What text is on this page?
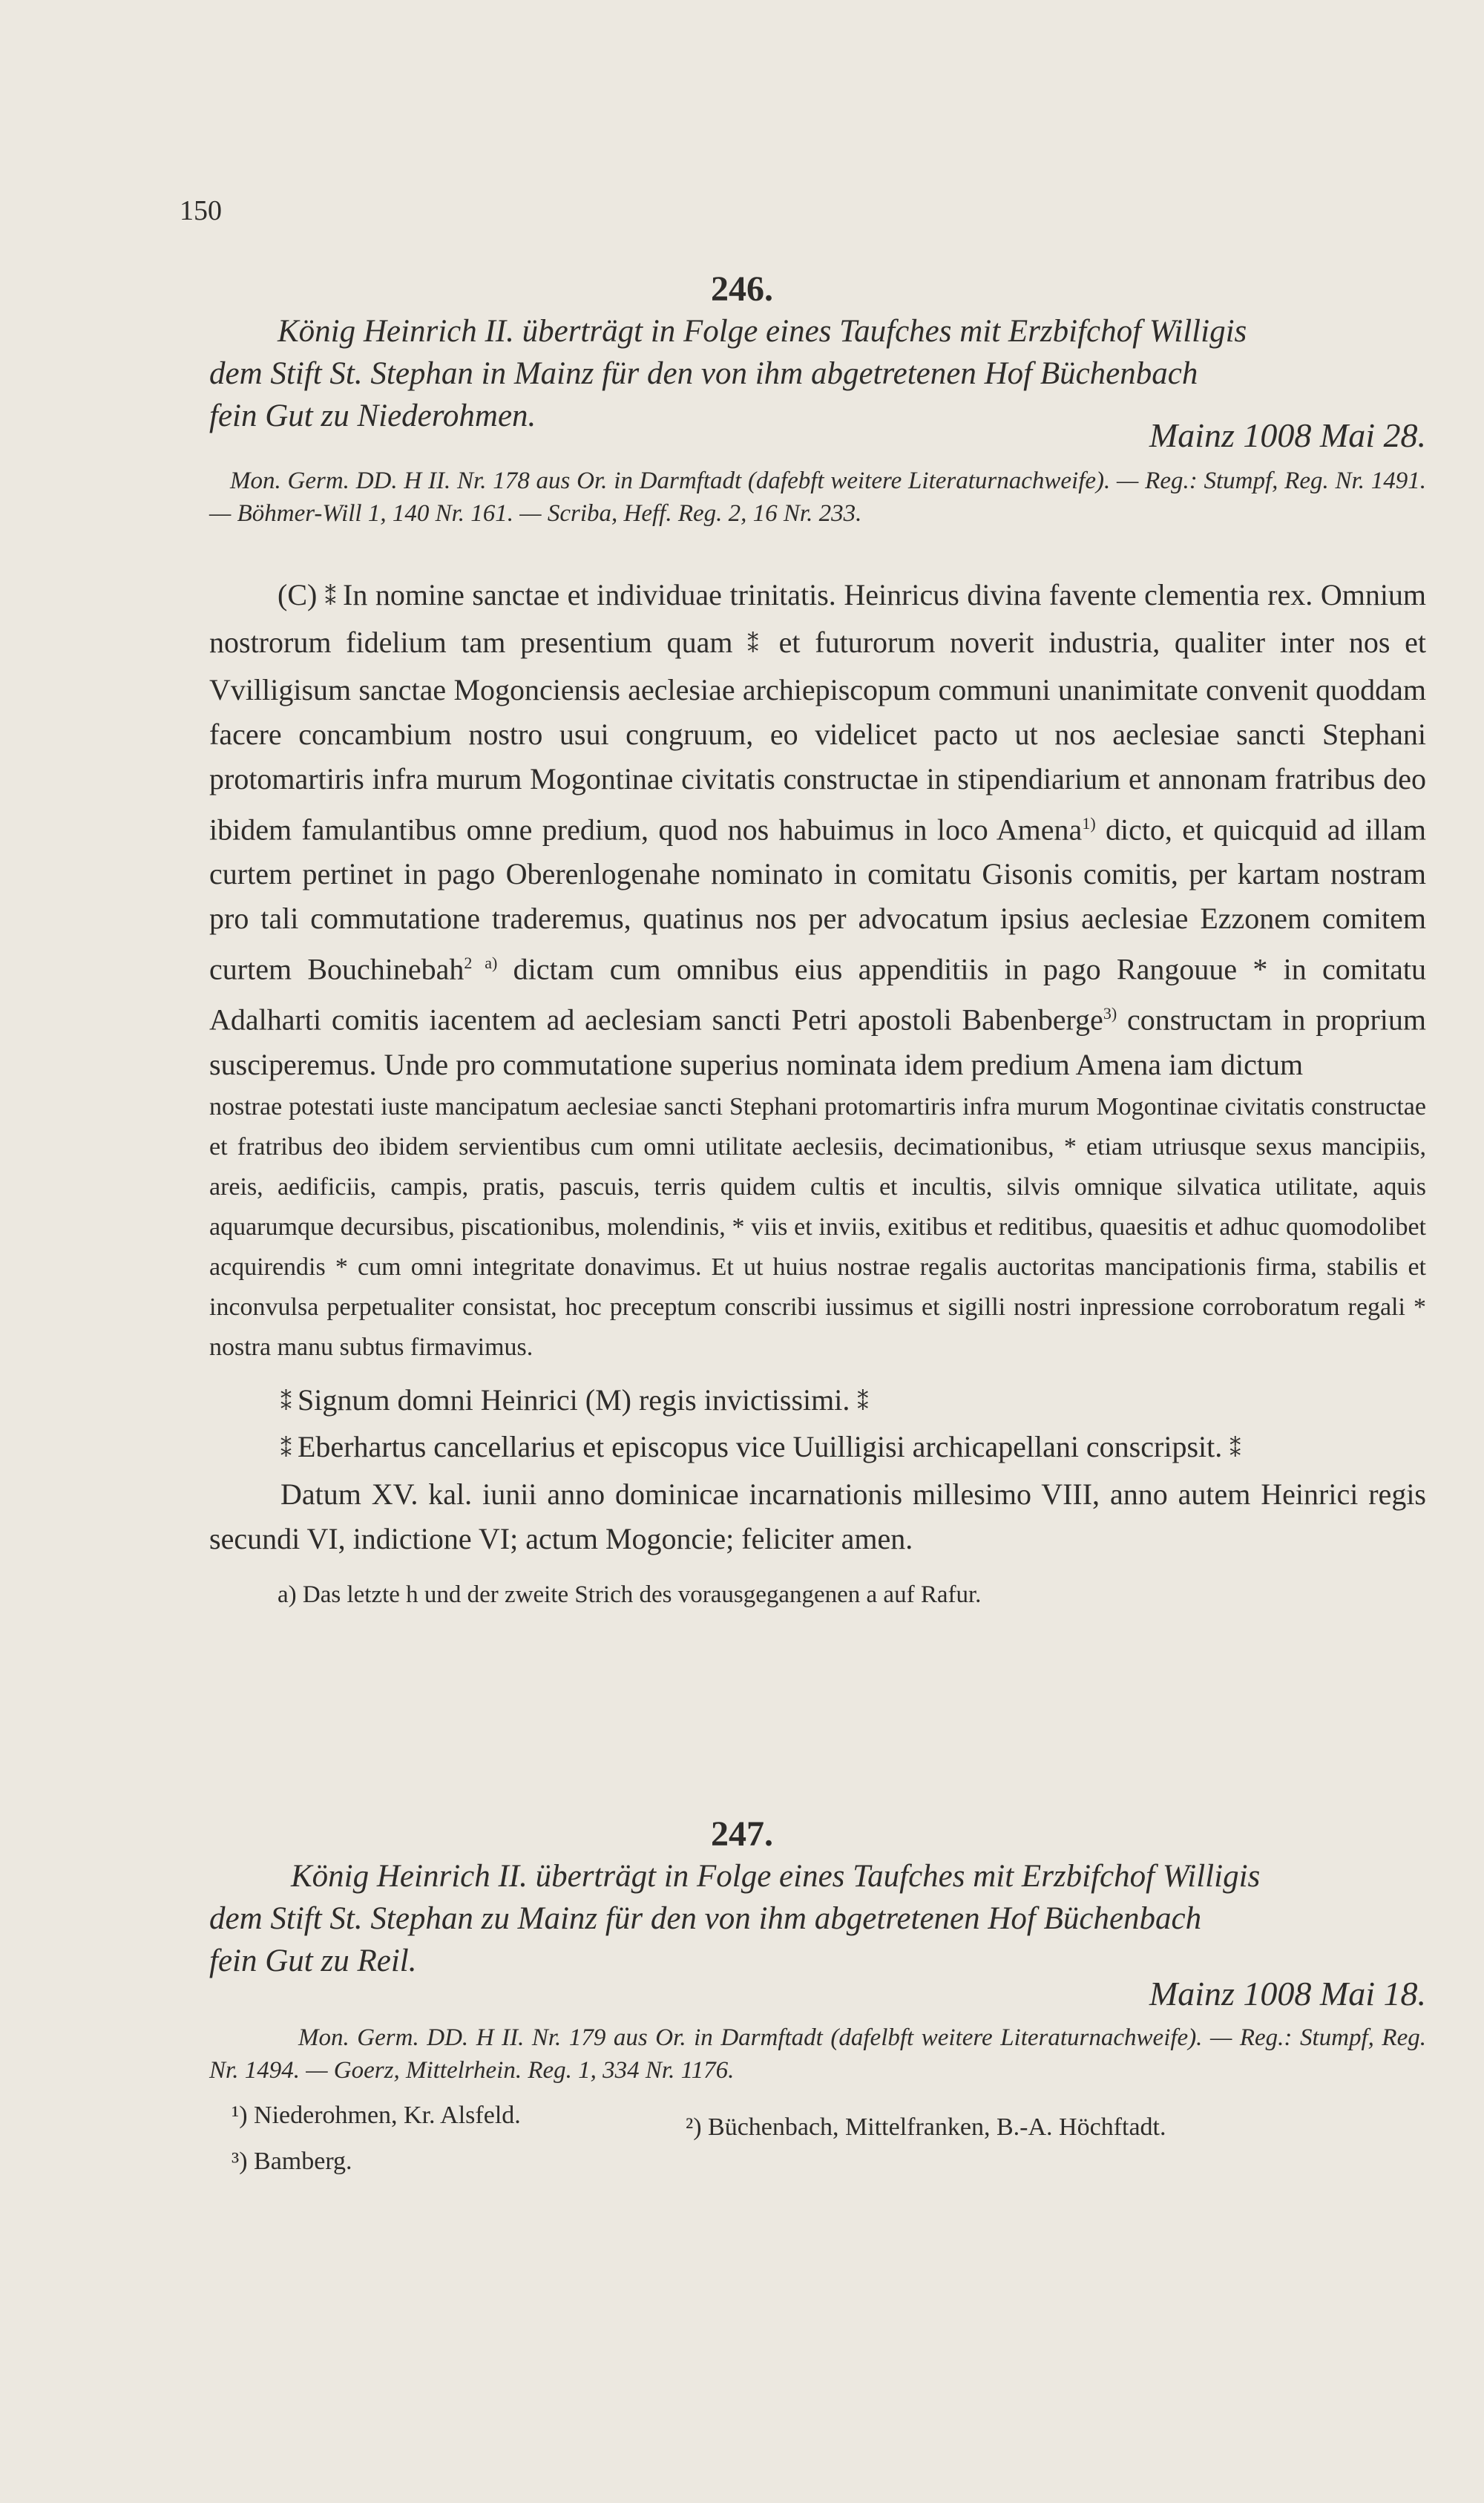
150
246.
König Heinrich II. überträgt in Folge eines Taufches mit Erzbifchof Willigis
dem Stift St. Stephan in Mainz für den von ihm abgetretenen Hof Büchenbach
fein Gut zu Niederohmen.
Mainz 1008 Mai 28.
Mon. Germ. DD. H II. Nr. 178 aus Or. in Darmftadt (dafebft weitere Literaturnachweife). — Reg.: Stumpf, Reg. Nr. 1491. — Böhmer-Will 1, 140 Nr. 161. — Scriba, Heff. Reg. 2, 16 Nr. 233.
(C) ⁑ In nomine sanctae et individuae trinitatis. Heinricus divina favente clementia rex. Omnium nostrorum fidelium tam presentium quam ⁑ et futurorum noverit industria, qualiter inter nos et Vvilligisum sanctae Mogonciensis aeclesiae archiepiscopum communi unanimitate convenit quoddam facere concambium nostro usui congruum, eo videlicet pacto ut nos aeclesiae sancti Stephani protomartiris infra murum Mogontinae civitatis constructae in stipendiarium et annonam fratribus deo ibidem famulantibus omne predium, quod nos habuimus in loco Amena$^{1)}$ dicto, et quicquid ad illam curtem pertinet in pago Oberenlogenahe nominato in comitatu Gisonis comitis, per kartam nostram pro tali commutatione traderemus, quatinus nos per advocatum ipsius aeclesiae Ezzonem comitem curtem Bouchinebah$^{2 a)}$ dictam cum omnibus eius appenditiis in pago Rangouue * in comitatu Adalharti comitis iacentem ad aeclesiam sancti Petri apostoli Babenberge$^{3)}$ constructam in proprium susciperemus. Unde pro commutatione superius nominata idem predium Amena iam dictum
nostrae potestati iuste mancipatum aeclesiae sancti Stephani protomartiris infra murum Mogontinae civitatis constructae et fratribus deo ibidem servientibus cum omni utilitate aeclesiis, decimationibus, * etiam utriusque sexus mancipiis, areis, aedificiis, campis, pratis, pascuis, terris quidem cultis et incultis, silvis omnique silvatica utilitate, aquis aquarumque decursibus, piscationibus, molendinis, * viis et inviis, exitibus et reditibus, quaesitis et adhuc quomodolibet acquirendis * cum omni integritate donavimus. Et ut huius nostrae regalis auctoritas mancipationis firma, stabilis et inconvulsa perpetualiter consistat, hoc preceptum conscribi iussimus et sigilli nostri inpressione corroboratum regali * nostra manu subtus firmavimus.
⁑ Signum domni Heinrici (M) regis invictissimi. ⁑
⁑ Eberhartus cancellarius et episcopus vice Uuilligisi archicapellani conscripsit. ⁑
Datum XV. kal. iunii anno dominicae incarnationis millesimo VIII, anno autem Heinrici regis secundi VI, indictione VI; actum Mogoncie; feliciter amen.
a) Das letzte h und der zweite Strich des vorausgegangenen a auf Rafur.
247.
König Heinrich II. überträgt in Folge eines Taufches mit Erzbifchof Willigis
dem Stift St. Stephan zu Mainz für den von ihm abgetretenen Hof Büchenbach
fein Gut zu Reil.
Mainz 1008 Mai 18.
Mon. Germ. DD. H II. Nr. 179 aus Or. in Darmftadt (dafelbft weitere Literaturnachweife). — Reg.: Stumpf, Reg. Nr. 1494. — Goerz, Mittelrhein. Reg. 1, 334 Nr. 1176.
¹) Niederohmen, Kr. Alsfeld.	²) Büchenbach, Mittelfranken, B.-A. Höchftadt.
³) Bamberg.
